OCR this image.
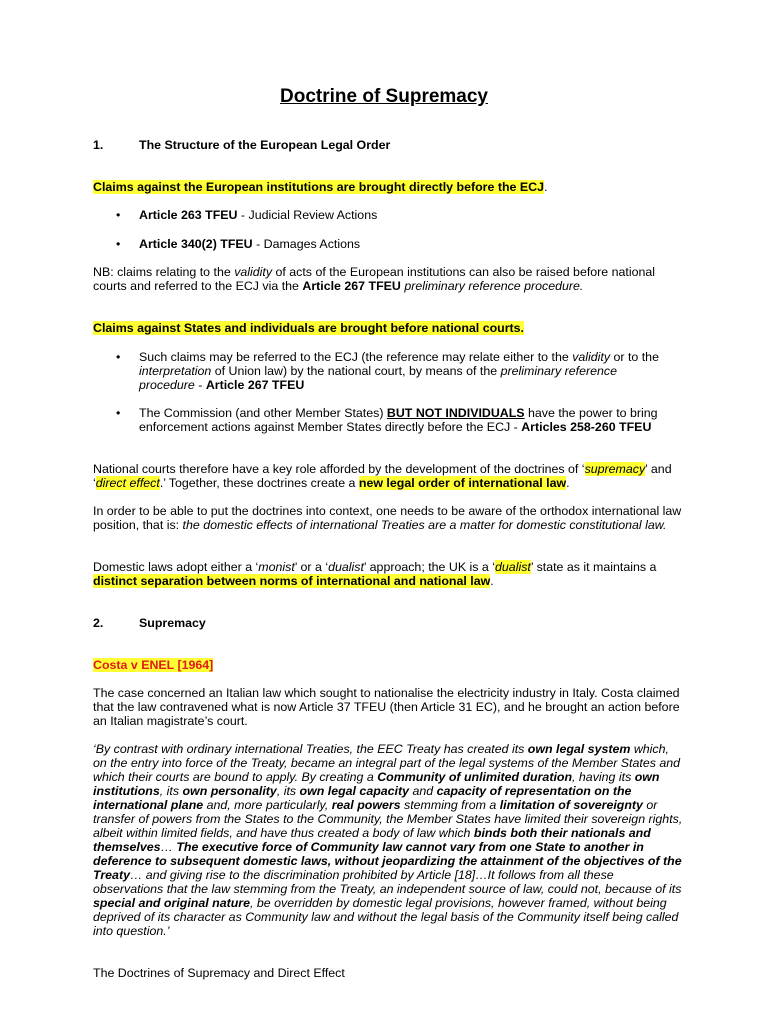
Doctrine of Supremacy
1.	The Structure of the European Legal Order

Claims against the European institutions are brought directly before the ECJ.

• Article 263 TFEU - Judicial Review Actions
• Article 340(2) TFEU - Damages Actions

NB: claims relating to the validity of acts of the European institutions can also be raised before national courts and referred to the ECJ via the Article 267 TFEU preliminary reference procedure.

Claims against States and individuals are brought before national courts.

• Such claims may be referred to the ECJ (the reference may relate either to the validity or to the interpretation of Union law) by the national court, by means of the preliminary reference procedure - Article 267 TFEU
• The Commission (and other Member States) BUT NOT INDIVIDUALS have the power to bring enforcement actions against Member States directly before the ECJ - Articles 258-260 TFEU

National courts therefore have a key role afforded by the development of the doctrines of ‘supremacy’ and ‘direct effect.’ Together, these doctrines create a new legal order of international law.

In order to be able to put the doctrines into context, one needs to be aware of the orthodox international law position, that is: the domestic effects of international Treaties are a matter for domestic constitutional law.

Domestic laws adopt either a ‘monist’ or a ‘dualist’ approach; the UK is a ‘dualist’ state as it maintains a distinct separation between norms of international and national law.

2.	Supremacy

Costa v ENEL [1964]

The case concerned an Italian law which sought to nationalise the electricity industry in Italy. Costa claimed that the law contravened what is now Article 37 TFEU (then Article 31 EC), and he brought an action before an Italian magistrate’s court.

‘By contrast with ordinary international Treaties, the EEC Treaty has created its own legal system which, on the entry into force of the Treaty, became an integral part of the legal systems of the Member States and which their courts are bound to apply. By creating a Community of unlimited duration, having its own institutions, its own personality, its own legal capacity and capacity of representation on the international plane and, more particularly, real powers stemming from a limitation of sovereignty or transfer of powers from the States to the Community, the Member States have limited their sovereign rights, albeit within limited fields, and have thus created a body of law which binds both their nationals and themselves… The executive force of Community law cannot vary from one State to another in deference to subsequent domestic laws, without jeopardizing the attainment of the objectives of the Treaty… and giving rise to the discrimination prohibited by Article [18]…It follows from all these observations that the law stemming from the Treaty, an independent source of law, could not, because of its special and original nature, be overridden by domestic legal provisions, however framed, without being deprived of its character as Community law and without the legal basis of the Community itself being called into question.’

The Doctrines of Supremacy and Direct Effect
